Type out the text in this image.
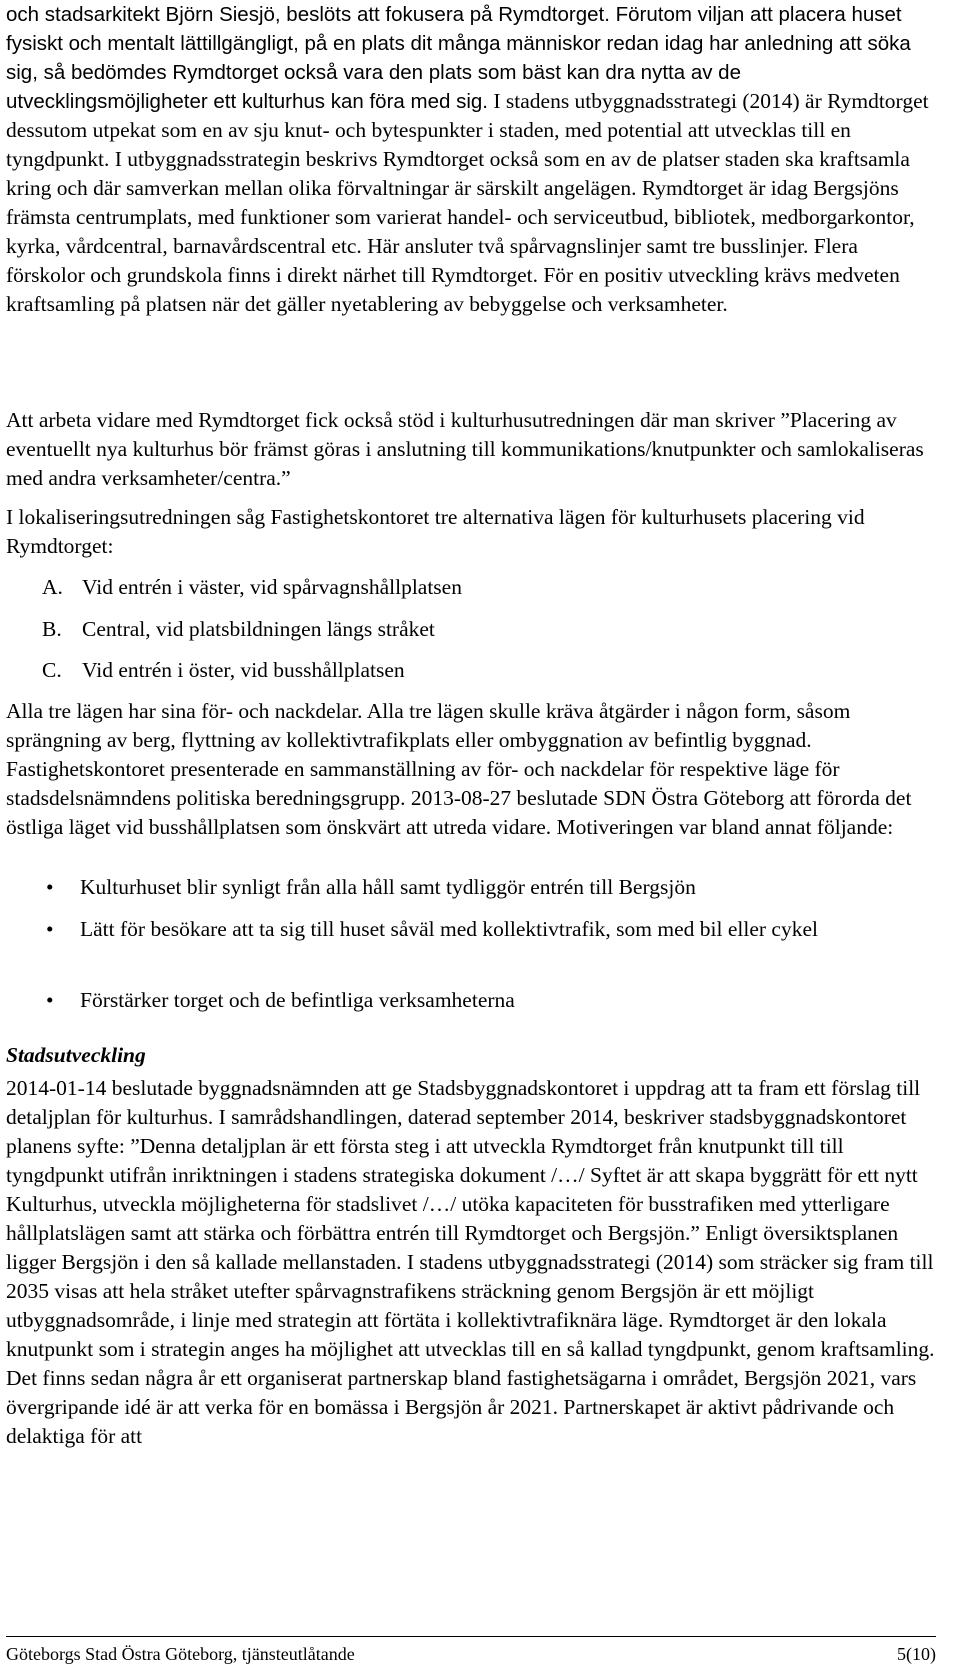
och stadsarkitekt Björn Siesjö, beslöts att fokusera på Rymdtorget. Förutom viljan att placera huset fysiskt och mentalt lättillgängligt, på en plats dit många människor redan idag har anledning att söka sig, så bedömdes Rymdtorget också vara den plats som bäst kan dra nytta av de utvecklingsmöjligheter ett kulturhus kan föra med sig. I stadens utbyggnadsstrategi (2014) är Rymdtorget dessutom utpekat som en av sju knut- och bytespunkter i staden, med potential att utvecklas till en tyngdpunkt. I utbyggnadsstrategin beskrivs Rymdtorget också som en av de platser staden ska kraftsamla kring och där samverkan mellan olika förvaltningar är särskilt angelägen. Rymdtorget är idag Bergsjöns främsta centrumplats, med funktioner som varierat handel- och serviceutbud, bibliotek, medborgarkontor, kyrka, vårdcentral, barnavårdscentral etc. Här ansluter två spårvagnslinjer samt tre busslinjer. Flera förskolor och grundskola finns i direkt närhet till Rymdtorget. För en positiv utveckling krävs medveten kraftsamling på platsen när det gäller nyetablering av bebyggelse och verksamheter.

Att arbeta vidare med Rymdtorget fick också stöd i kulturhusutredningen där man skriver ”Placering av eventuellt nya kulturhus bör främst göras i anslutning till kommunikations/knutpunkter och samlokaliseras med andra verksamheter/centra.”

I lokaliseringsutredningen såg Fastighetskontoret tre alternativa lägen för kulturhusets placering vid Rymdtorget:

A. Vid entrén i väster, vid spårvagnshållplatsen
B. Central, vid platsbildningen längs stråket
C. Vid entrén i öster, vid busshållplatsen

Alla tre lägen har sina för- och nackdelar. Alla tre lägen skulle kräva åtgärder i någon form, såsom sprängning av berg, flyttning av kollektivtrafikplats eller ombyggnation av befintlig byggnad. Fastighetskontoret presenterade en sammanställning av för- och nackdelar för respektive läge för stadsdelsnämndens politiska beredningsgrupp. 2013-08-27 beslutade SDN Östra Göteborg att förorda det östliga läget vid busshållplatsen som önskvärt att utreda vidare. Motiveringen var bland annat följande:

• Kulturhuset blir synligt från alla håll samt tydliggör entrén till Bergsjön
• Lätt för besökare att ta sig till huset såväl med kollektivtrafik, som med bil eller cykel
• Förstärker torget och de befintliga verksamheterna

Stadsutveckling

2014-01-14 beslutade byggnadsnämnden att ge Stadsbyggnadskontoret i uppdrag att ta fram ett förslag till detaljplan för kulturhus. I samrådshandlingen, daterad september 2014, beskriver stadsbyggnadskontoret planens syfte: ”Denna detaljplan är ett första steg i att utveckla Rymdtorget från knutpunkt till till tyngdpunkt utifrån inriktningen i stadens strategiska dokument /…/ Syftet är att skapa byggrätt för ett nytt Kulturhus, utveckla möjligheterna för stadslivet /…/ utöka kapaciteten för busstrafiken med ytterligare hållplatslägen samt att stärka och förbättra entrén till Rymdtorget och Bergsjön.” Enligt översiktsplanen ligger Bergsjön i den så kallade mellanstaden. I stadens utbyggnadsstrategi (2014) som sträcker sig fram till 2035 visas att hela stråket utefter spårvagnstrafikens sträckning genom Bergsjön är ett möjligt utbyggnadsområde, i linje med strategin att förtäta i kollektivtrafiknära läge. Rymdtorget är den lokala knutpunkt som i strategin anges ha möjlighet att utvecklas till en så kallad tyngdpunkt, genom kraftsamling. Det finns sedan några år ett organiserat partnerskap bland fastighetsägarna i området, Bergsjön 2021, vars övergripande idé är att verka för en bomässa i Bergsjön år 2021. Partnerskapet är aktivt pådrivande och delaktiga för att

Göteborgs Stad Östra Göteborg, tjänsteutlåtande	5(10)
